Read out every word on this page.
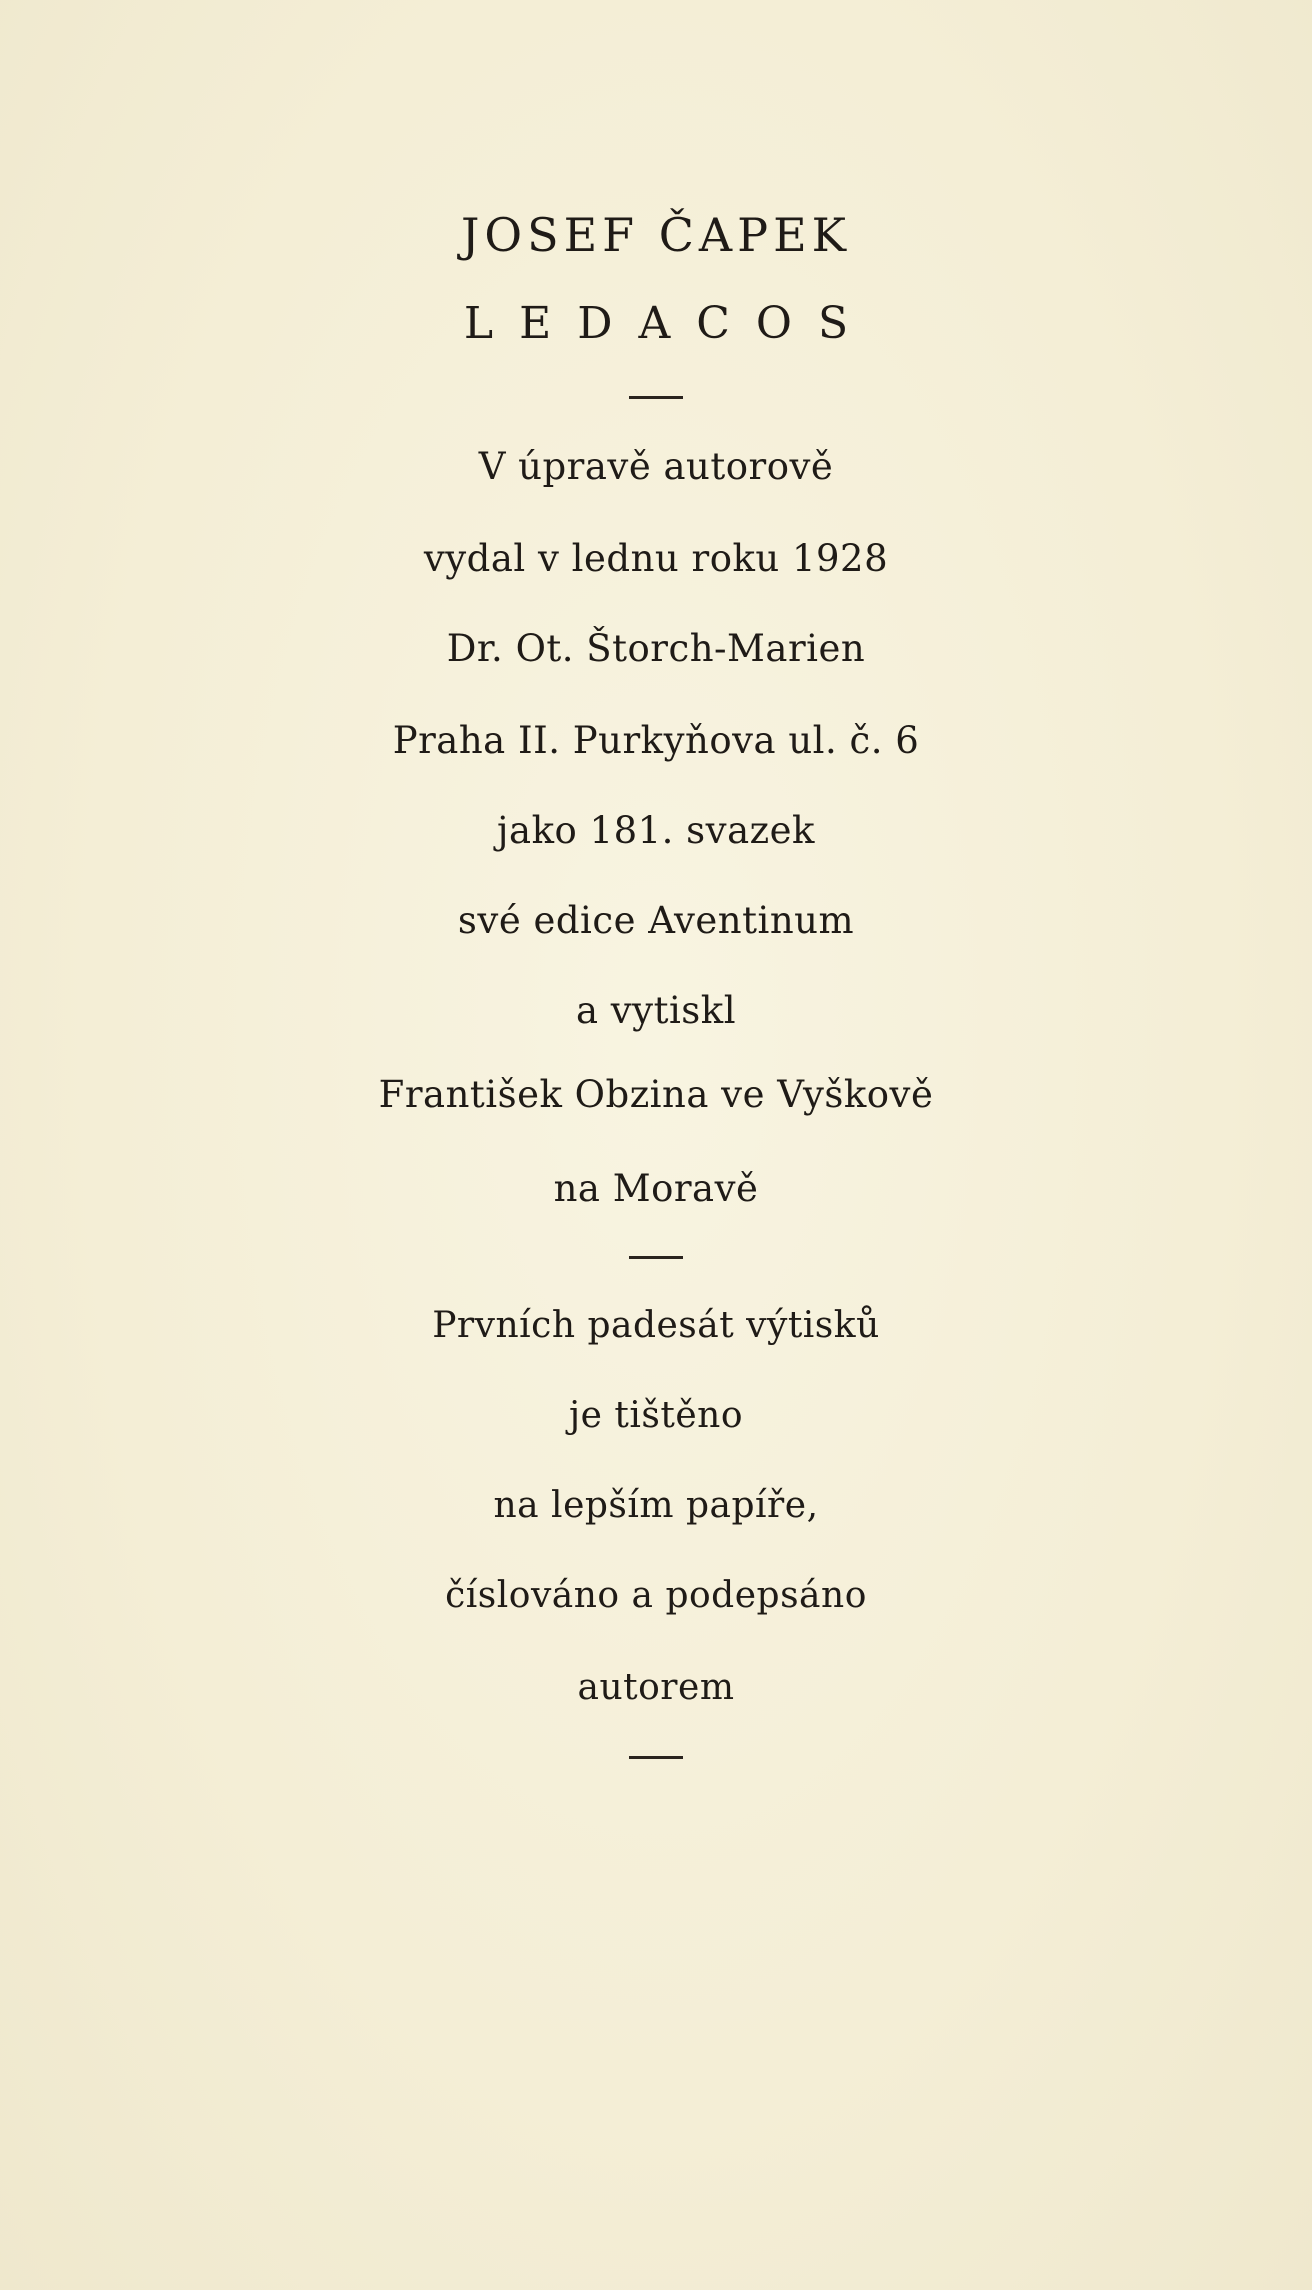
JOSEF ČAPEK
LEDACOS
V úpravě autorově
vydal v lednu roku 1928
Dr. Ot. Štorch-Marien
Praha II. Purkyňova ul. č. 6
jako 181. svazek
své edice Aventinum
a vytiskl
František Obzina ve Vyškově
na Moravě
Prvních padesát výtisků
je tištěno
na lepším papíře,
číslováno a podepsáno
autorem
